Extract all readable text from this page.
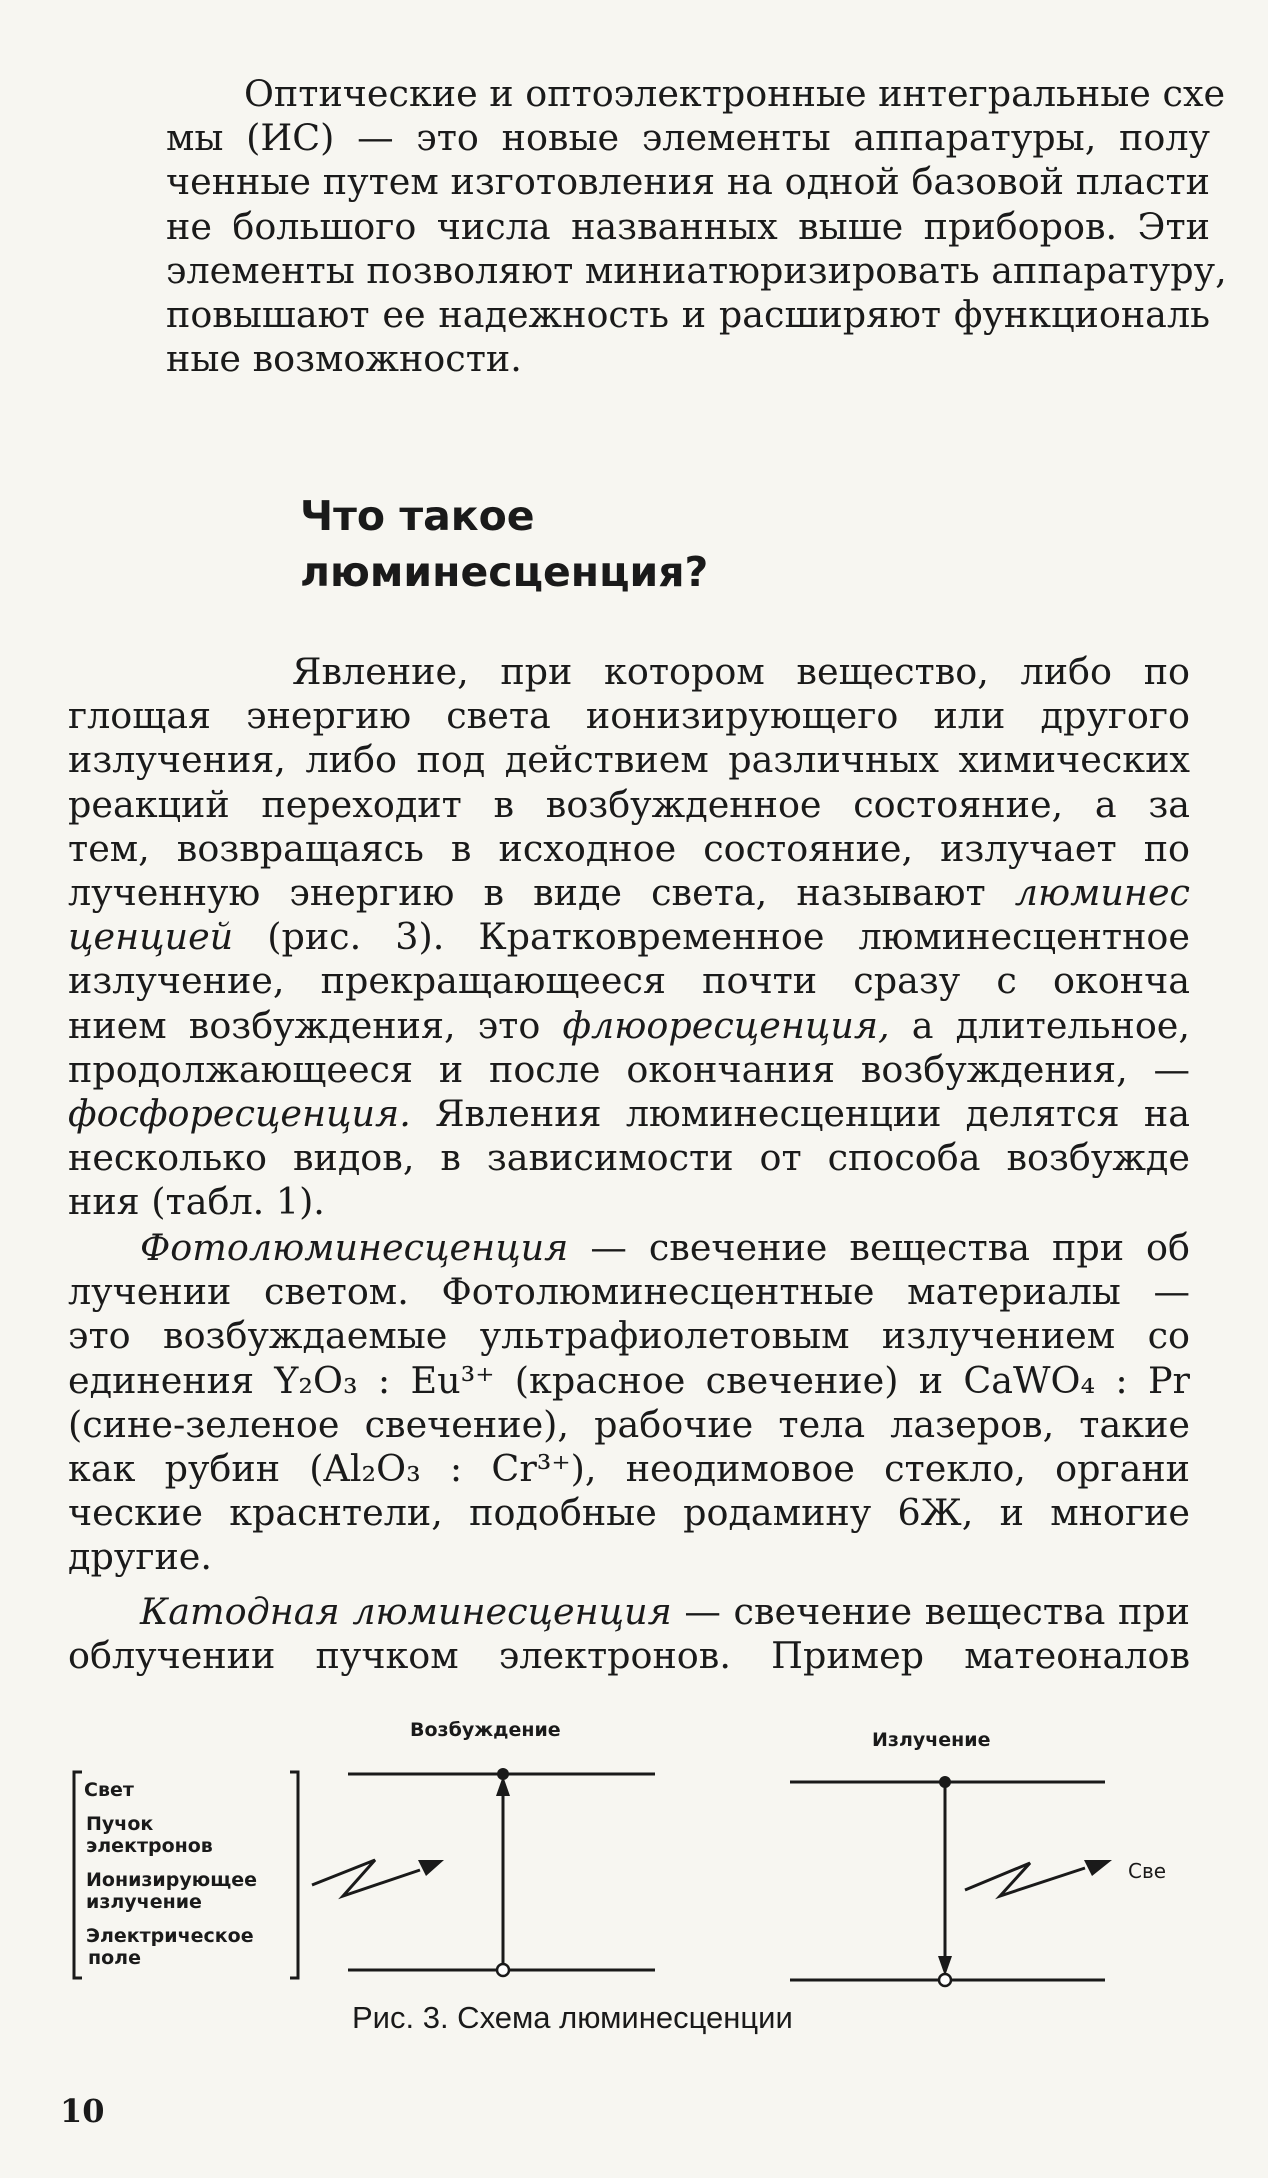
Оптические и оптоэлектронные интегральные схе
мы (ИС) — это новые элементы аппаратуры, полу
ченные путем изготовления на одной базовой пласти
не большого числа названных выше приборов. Эти
элементы позволяют миниатюризировать аппаратуру,
повышают ее надежность и расширяют функциональ
ные возможности.
Что такое
люминесценция?
Явление, при котором вещество, либо по
глощая энергию света ионизирующего или другого
излучения, либо под действием различных химических
реакций переходит в возбужденное состояние, а за
тем, возвращаясь в исходное состояние, излучает по
лученную энергию в виде света, называют люминес
ценцией (рис. 3). Кратковременное люминесцентное
излучение, прекращающееся почти сразу с оконча
нием возбуждения, это флюоресценция, а длительное,
продолжающееся и после окончания возбуждения, —
фосфоресценция. Явления люминесценции делятся на
несколько видов, в зависимости от способа возбужде
ния (табл. 1).
Фотолюминесценция — свечение вещества при об
лучении светом. Фотолюминесцентные материалы —
это возбуждаемые ультрафиолетовым излучением со
единения Y₂O₃ : Eu³⁺ (красное свечение) и CaWO₄ : Pr
(сине-зеленое свечение), рабочие тела лазеров, такие
как рубин (Al₂O₃ : Cr³⁺), неодимовое стекло, органи
ческие краснтели, подобные родамину 6Ж, и многие
другие.
Катодная люминесценция — свечение вещества при
облучении пучком электронов. Пример матеоналов
Возбуждение	Излучение
Свет
Пучок
электронов
Ионизирующее
излучение
Электрическое
поле
Све

Рис. 3. Схема люминесценции

10
